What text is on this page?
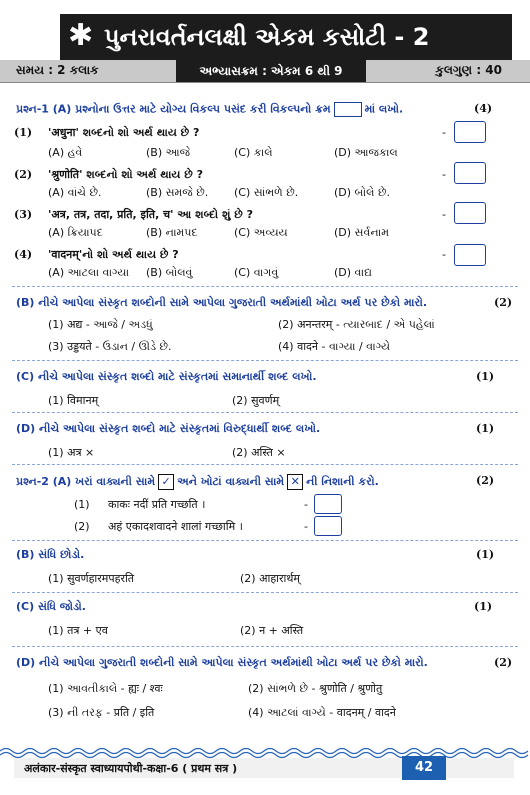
✱ પુનરાવર્તનલક્ષી એકમ કસોટી - 2
સમય : 2 કલાક	અભ્યાસક્રમ : એકમ 6 થી 9	કુલગુણ : 40
પ્રશ્ન-1 (A) પ્રશ્નોના ઉત્તર માટે યોગ્ય વિકલ્પ પસંદ કરી વિકલ્પનો ક્રમ	માં લખો.	(4)
(1) 'अधुना' શબ્દનો શો અર્થ થાય છે ?
(A) હવે	(B) આજે	(C) કાલે	(D) આજકાલ
-
(2) 'श्रुणोति' શબ્દનો શો અર્થ થાય છે ?
(A) વાંચે છે.	(B) સમજે છે. (C) સાંભળે છે.	(D) બોલે છે.
-
(3) 'अत्र, तत्र, तदा, प्रति, इति, च' આ શબ્દો શું છે ?
(A) ક્રિયાપદ	(B) નામપદ	(C) અવ્યય	(D) સર્વનામ
-
(4) 'वादनम्'નો શો અર્થ થાય છે ?
(A) આટલા વાગ્યા (B) બોલવું	(C) વાગવું	(D) વાદ્ય
-
(B) નીચે આપેલા સંસ્કૃત શબ્દોની સામે આપેલા ગુજરાતી અર્થમાંથી ખોટા અર્થ પર છેકો મારો.	(2)
(1) अद्य - આજે / અડધું	(2) अनन्तरम् - ત્યારબાદ / એ પહેલાં
(3) उड्डयते - ઉડાન / ઊડે છે.	(4) वादने - વાગ્યા / વાગ્યે
(C) નીચે આપેલા સંસ્કૃત શબ્દો માટે સંસ્કૃતમાં સમાનાર્થી શબ્દ લખો.	(1)
(1) विमानम्	(2) सुवर्णम्
(D) નીચે આપેલા સંસ્કૃત શબ્દો માટે સંસ્કૃતમાં વિરુદ્ધાર્થી શબ્દ લખો.	(1)
(1) अत्र ×	(2) अस्ति ×
પ્રશ્ન-2 (A) ખરાં વાક્યની સામે ✓ અને ખોટાં વાક્યની સામે ✕ ની નિશાની કરો.	(2)
(1) काकः नदीं प्रति गच्छति ।	-
(2) अहं एकादशवादने शालां गच्छामि ।	-
(B) સંધિ છોડો.	(1)
(1) सुवर्णहारमपहरति	(2) आहारार्थम्
(C) સંધિ જોડો.	(1)
(1) तत्र + एव	(2) न + अस्ति
(D) નીચે આપેલા ગુજરાતી શબ્દોની સામે આપેલા સંસ્કૃત અર્થમાંથી ખોટા અર્થ પર છેકો મારો.	(2)
(1) આવતીકાલે - ह्यः / श्वः	(2) સાંભળે છે - श्रुणोति / श्रुणोतु
(3) ની તરફ - प्रति / इति	(4) આટલાં વાગ્યે - वादनम् / वादने
अलंकार-संस्कृत स्वाध्यायपोथी-कक्षा-6 ( प्रथम सत्र )	42
